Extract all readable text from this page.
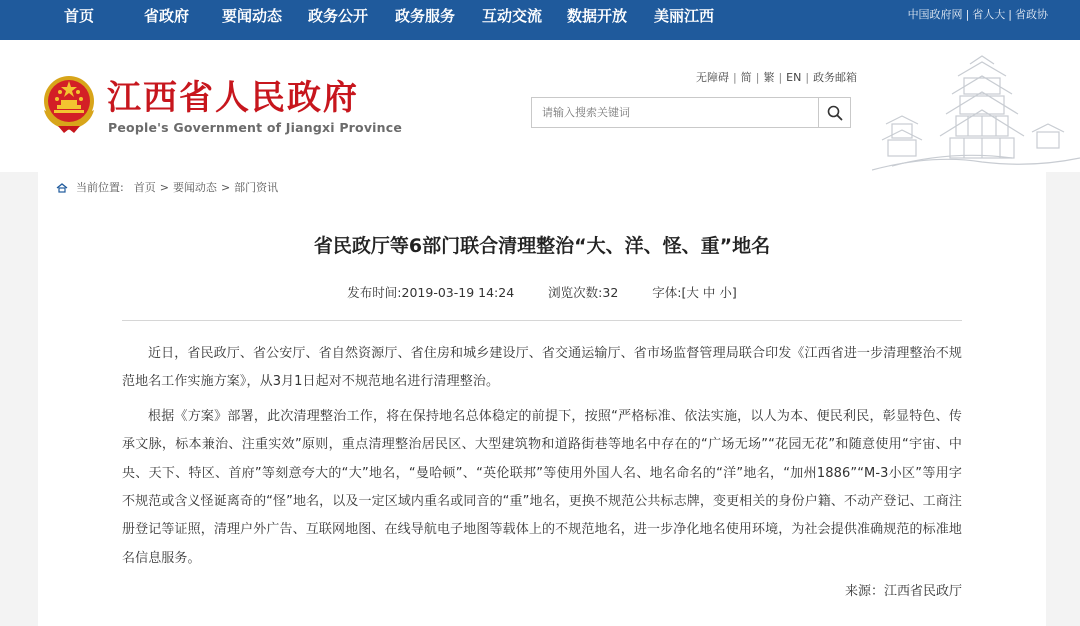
首页	省政府 要闻动态 政务公开 政务服务 互动交流 数据开放 美丽江西	中国政府网 | 省人大 | 省政协
江西省人民政府
People's Government of Jiangxi Province
无障碍 | 简 | 繁 | EN | 政务邮箱
请输入搜索关键词
当前位置: 首页 > 要闻动态 > 部门资讯
省民政厅等6部门联合清理整治“大、洋、怪、重”地名
发布时间:2019-03-19 14:24	浏览次数:32	字体:[大 中 小]

近日，省民政厅、省公安厅、省自然资源厅、省住房和城乡建设厅、省交通运输厅、省市场监督管理局联合印发《江西省进一步清理整治不规范地名工作实施方案》，从3月1日起对不规范地名进行清理整治。

根据《方案》部署，此次清理整治工作，将在保持地名总体稳定的前提下，按照“严格标准、依法实施，以人为本、便民利民，彰显特色、传承文脉，标本兼治、注重实效”原则，重点清理整治居民区、大型建筑物和道路街巷等地名中存在的“广场无场”“花园无花”和随意使用“宇宙、中央、天下、特区、首府”等刻意夸大的“大”地名，“曼哈顿”、“英伦联邦”等使用外国人名、地名命名的“洋”地名，“加州1886”“M-3小区”等用字不规范或含义怪诞离奇的“怪”地名，以及一定区域内重名或同音的“重”地名，更换不规范公共标志牌，变更相关的身份户籍、不动产登记、工商注册登记等证照，清理户外广告、互联网地图、在线导航电子地图等载体上的不规范地名，进一步净化地名使用环境，为社会提供准确规范的标准地名信息服务。

来源：江西省民政厅
